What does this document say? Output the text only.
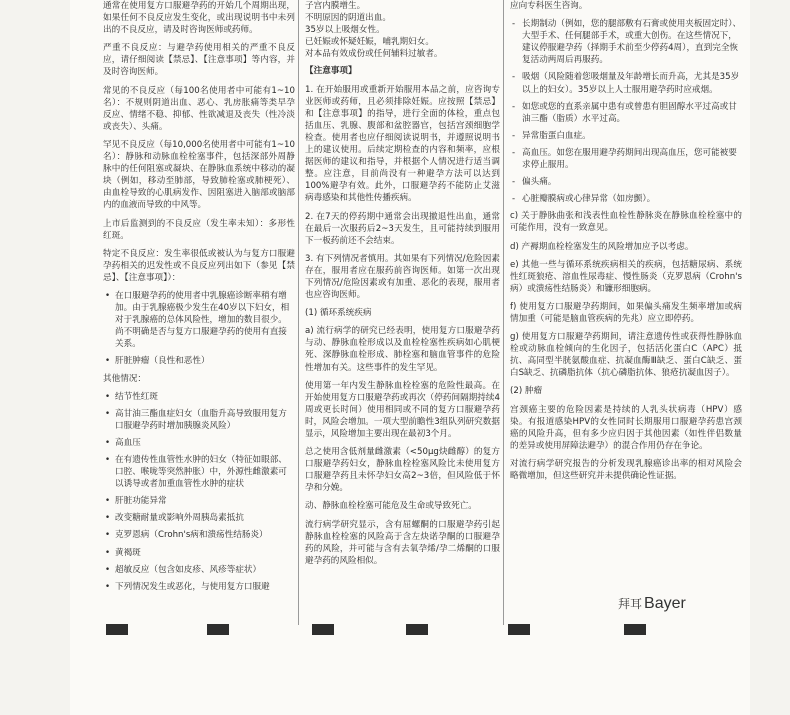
通常在使用复方口服避孕药的开始几个周期出现，如果任何不良反应发生变化，或出现说明书中未列出的不良反应，请及时咨询医师或药师。

严重不良反应：与避孕药使用相关的严重不良反应，请仔细阅读【禁忌】、【注意事项】等内容，并及时咨询医师。

常见的不良反应（每100名使用者中可能有1~10名）：不规则阴道出血、恶心、乳房胀痛等类早孕反应、情绪不稳、抑郁、性欲减退及丧失（性冷淡或丧失）、头痛。

罕见不良反应（每10,000名使用者中可能有1~10名）：静脉和动脉血栓栓塞事件，包括深部外周静脉中的任何阻塞或凝块、在静脉血系统中移动的凝块（例如，移动至肺部，导致肺栓塞或肺梗死）、由血栓导致的心肌病发作、因阻塞进入脑部或脑部内的血液而导致的中风等。

上市后监测到的不良反应（发生率未知）：多形性红斑。

特定不良反应：发生率很低或被认为与复方口服避孕药相关的迟发性或不良反应列出如下（参见【禁忌】、【注意事项】）：

• 在口服避孕药的使用者中乳腺癌诊断率稍有增加。由于乳腺癌极少发生在40岁以下妇女，相对于乳腺癌的总体风险性，增加的数目很少。尚不明确是否与复方口服避孕药的使用有直接关系。
• 肝脏肿瘤（良性和恶性）

其他情况：

• 结节性红斑
• 高甘油三酯血症妇女（血脂升高导致服用复方口服避孕药时增加胰腺炎风险）
• 高血压
• 在有遗传性血管性水肿的妇女（特征如眼部、口腔、喉咙等突然肿胀）中，外源性雌激素可以诱导或者加重血管性水肿的症状
• 肝脏功能异常
• 改变糖耐量或影响外周胰岛素抵抗
• 克罗恩病（Crohn's病和溃疡性结肠炎）
• 黄褐斑
• 超敏反应（包含如皮疹、风疹等症状）
• 下列情况发生或恶化，与使用复方口服避
子宫内膜增生。
不明原因的阴道出血。
35岁以上吸烟女性。
已妊娠或怀疑妊娠，哺乳期妇女。
对本品有效成份或任何辅料过敏者。
【注意事项】

1. 在开始服用或重新开始服用本品之前，应咨询专业医师或药师，且必须排除妊娠。应按照【禁忌】和【注意事项】的指导，进行全面的体检，重点包括血压、乳腺、腹部和盆腔器官，包括宫颈细胞学检查。使用者也应仔细阅读说明书，并遵照说明书上的建议使用。后续定期检查的内容和频率，应根据医师的建议和指导，并根据个人情况进行适当调整。应注意，目前尚没有一种避孕方法可以达到100%避孕有效。此外，口服避孕药不能防止艾滋病毒感染和其他性传播疾病。

2. 在7天的停药期中通常会出现撤退性出血，通常在最后一次服药后2~3天发生，且可能持续到服用下一板药前还不会结束。

3. 有下列情况者慎用。其如果有下列情况/危险因素存在，服用者应在服药前咨询医师。如第一次出现下列情况/危险因素或有加重、恶化的表现，服用者也应咨询医师。

(1) 循环系统疾病

a) 流行病学的研究已经表明，使用复方口服避孕药与动、静脉血栓形成以及血栓栓塞性疾病如心肌梗死、深静脉血栓形成、肺栓塞和脑血管事件的危险性增加有关。这些事件的发生罕见。

使用第一年内发生静脉血栓栓塞的危险性最高。在开始使用复方口服避孕药或再次（停药间隔期持续4周或更长时间）使用相同或不同的复方口服避孕药时，风险会增加。一项大型前瞻性3组队列研究数据显示，风险增加主要出现在最初3个月。

总之使用含低剂量雌激素（<50μg炔雌醇）的复方口服避孕药妇女，静脉血栓栓塞风险比未使用复方口服避孕药且未怀孕妇女高2~3倍，但风险低于怀孕和分娩。

动、静脉血栓栓塞可能危及生命或导致死亡。

流行病学研究显示，含有屈螺酮的口服避孕药引起静脉血栓栓塞的风险高于含左炔诺孕酮的口服避孕药的风险，并可能与含有去氧孕烯/孕二烯酮的口服避孕药的风险相似。

应向专科医生咨询。

- 长期制动（例如，您的腿部敷有石膏或使用夹板固定时）、大型手术、任何腿部手术，或重大创伤。在这些情况下，建议停服避孕药（择期手术前至少停药4周），直到完全恢复活动两周后再服药。
- 吸烟（风险随着您吸烟量及年龄增长而升高，尤其是35岁以上的妇女）。35岁以上人士服用避孕药时应戒烟。
- 如您或您的直系亲属中患有或曾患有胆固醇水平过高或甘油三酯（脂质）水平过高。
- 异常脂蛋白血症。
- 高血压。如您在服用避孕药期间出现高血压，您可能被要求停止服用。
- 偏头痛。
- 心脏瓣膜病或心律异常（如房颤）。

c) 关于静脉曲张和浅表性血栓性静脉炎在静脉血栓栓塞中的可能作用，没有一致意见。

d) 产褥期血栓栓塞发生的风险增加应予以考虑。

e) 其他一些与循环系统疾病相关的疾病，包括糖尿病、系统性红斑狼疮、溶血性尿毒症、慢性肠炎（克罗恩病（Crohn's病）或溃疡性结肠炎）和镰形细胞病。

f) 使用复方口服避孕药期间，如果偏头痛发生频率增加或病情加重（可能是脑血管疾病的先兆）应立即停药。

g) 使用复方口服避孕药期间，请注意遗传性或获得性静脉血栓或动脉血栓倾向的生化因子，包括活化蛋白C（APC）抵抗、高同型半胱氨酸血症、抗凝血酶Ⅲ缺乏、蛋白C缺乏、蛋白S缺乏、抗磷脂抗体（抗心磷脂抗体、狼疮抗凝血因子）。

(2) 肿瘤

宫颈癌主要的危险因素是持续的人乳头状病毒（HPV）感染。有报道感染HPV的女性同时长期服用口服避孕药患宫颈癌的风险升高，但有多少应归因于其他因素（如性伴侣数量的差异或使用屏障法避孕）的混合作用仍存在争论。

对流行病学研究报告的分析发现乳腺癌诊出率的相对风险会略微增加，但这些研究并未提供确论性证据。

拜耳 Bayer
